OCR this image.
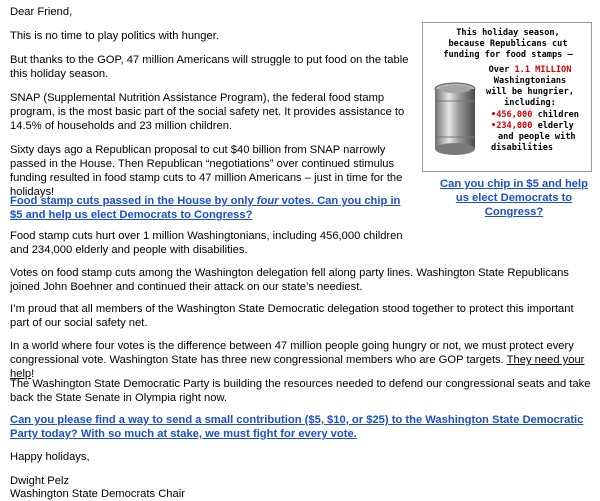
Dear Friend,

This is no time to play politics with hunger.

But thanks to the GOP, 47 million Americans will struggle to put food on the table this holiday season.

SNAP (Supplemental Nutrition Assistance Program), the federal food stamp program, is the most basic part of the social safety net. It provides assistance to 14.5% of households and 23 million children.

Sixty days ago a Republican proposal to cut $40 billion from SNAP narrowly passed in the House. Then Republican “negotiations” over continued stimulus funding resulted in food stamp cuts to 47 million Americans – just in time for the holidays!

Food stamp cuts passed in the House by only four votes. Can you chip in $5 and help us elect Democrats to Congress?

Food stamp cuts hurt over 1 million Washingtonians, including 456,000 children and 234,000 elderly and people with disabilities.

This holiday season,
because Republicans cut
funding for food stamps –
Over 1.1 MILLION
Washingtonians
will be hungrier,
including:
•456,000 children
•234,000 elderly
and people with
disabilities
Can you chip in $5 and help us elect Democrats to Congress?

Votes on food stamp cuts among the Washington delegation fell along party lines. Washington State Republicans joined John Boehner and continued their attack on our state’s neediest.

I’m proud that all members of the Washington State Democratic delegation stood together to protect this important part of our social safety net.

In a world where four votes is the difference between 47 million people going hungry or not, we must protect every congressional vote. Washington State has three new congressional members who are GOP targets. They need your help!

The Washington State Democratic Party is building the resources needed to defend our congressional seats and take back the State Senate in Olympia right now.

Can you please find a way to send a small contribution ($5, $10, or $25) to the Washington State Democratic Party today? With so much at stake, we must fight for every vote.

Happy holidays,

Dwight Pelz

Washington State Democrats Chair
